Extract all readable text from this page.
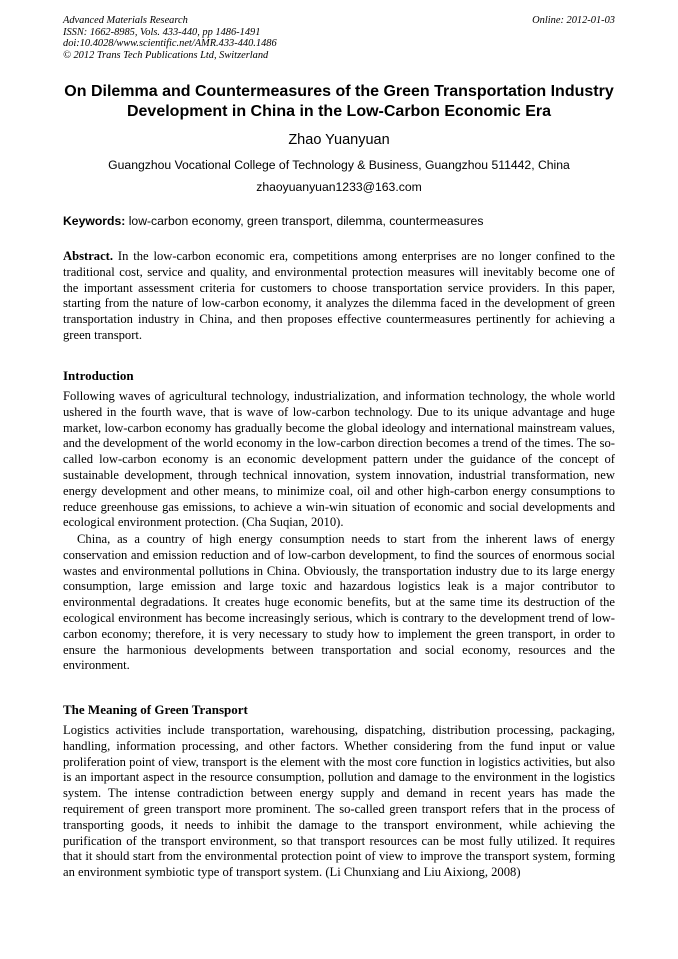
Advanced Materials Research
ISSN: 1662-8985, Vols. 433-440, pp 1486-1491
doi:10.4028/www.scientific.net/AMR.433-440.1486
© 2012 Trans Tech Publications Ltd, Switzerland
Online: 2012-01-03
On Dilemma and Countermeasures of the Green Transportation Industry Development in China in the Low-Carbon Economic Era
Zhao Yuanyuan
Guangzhou Vocational College of Technology & Business, Guangzhou 511442, China
zhaoyuanyuan1233@163.com
Keywords: low-carbon economy, green transport, dilemma, countermeasures
Abstract. In the low-carbon economic era, competitions among enterprises are no longer confined to the traditional cost, service and quality, and environmental protection measures will inevitably become one of the important assessment criteria for customers to choose transportation service providers. In this paper, starting from the nature of low-carbon economy, it analyzes the dilemma faced in the development of green transportation industry in China, and then proposes effective countermeasures pertinently for achieving a green transport.
Introduction
Following waves of agricultural technology, industrialization, and information technology, the whole world ushered in the fourth wave, that is wave of low-carbon technology. Due to its unique advantage and huge market, low-carbon economy has gradually become the global ideology and international mainstream values, and the development of the world economy in the low-carbon direction becomes a trend of the times. The so-called low-carbon economy is an economic development pattern under the guidance of the concept of sustainable development, through technical innovation, system innovation, industrial transformation, new energy development and other means, to minimize coal, oil and other high-carbon energy consumptions to reduce greenhouse gas emissions, to achieve a win-win situation of economic and social developments and ecological environment protection. (Cha Suqian, 2010).
China, as a country of high energy consumption needs to start from the inherent laws of energy conservation and emission reduction and of low-carbon development, to find the sources of enormous social wastes and environmental pollutions in China. Obviously, the transportation industry due to its large energy consumption, large emission and large toxic and hazardous logistics leak is a major contributor to environmental degradations. It creates huge economic benefits, but at the same time its destruction of the ecological environment has become increasingly serious, which is contrary to the development trend of low-carbon economy; therefore, it is very necessary to study how to implement the green transport, in order to ensure the harmonious developments between transportation and social economy, resources and the environment.
The Meaning of Green Transport
Logistics activities include transportation, warehousing, dispatching, distribution processing, packaging, handling, information processing, and other factors. Whether considering from the fund input or value proliferation point of view, transport is the element with the most core function in logistics activities, but also is an important aspect in the resource consumption, pollution and damage to the environment in the logistics system. The intense contradiction between energy supply and demand in recent years has made the requirement of green transport more prominent. The so-called green transport refers that in the process of transporting goods, it needs to inhibit the damage to the transport environment, while achieving the purification of the transport environment, so that transport resources can be most fully utilized. It requires that it should start from the environmental protection point of view to improve the transport system, forming an environment symbiotic type of transport system. (Li Chunxiang and Liu Aixiong, 2008)
